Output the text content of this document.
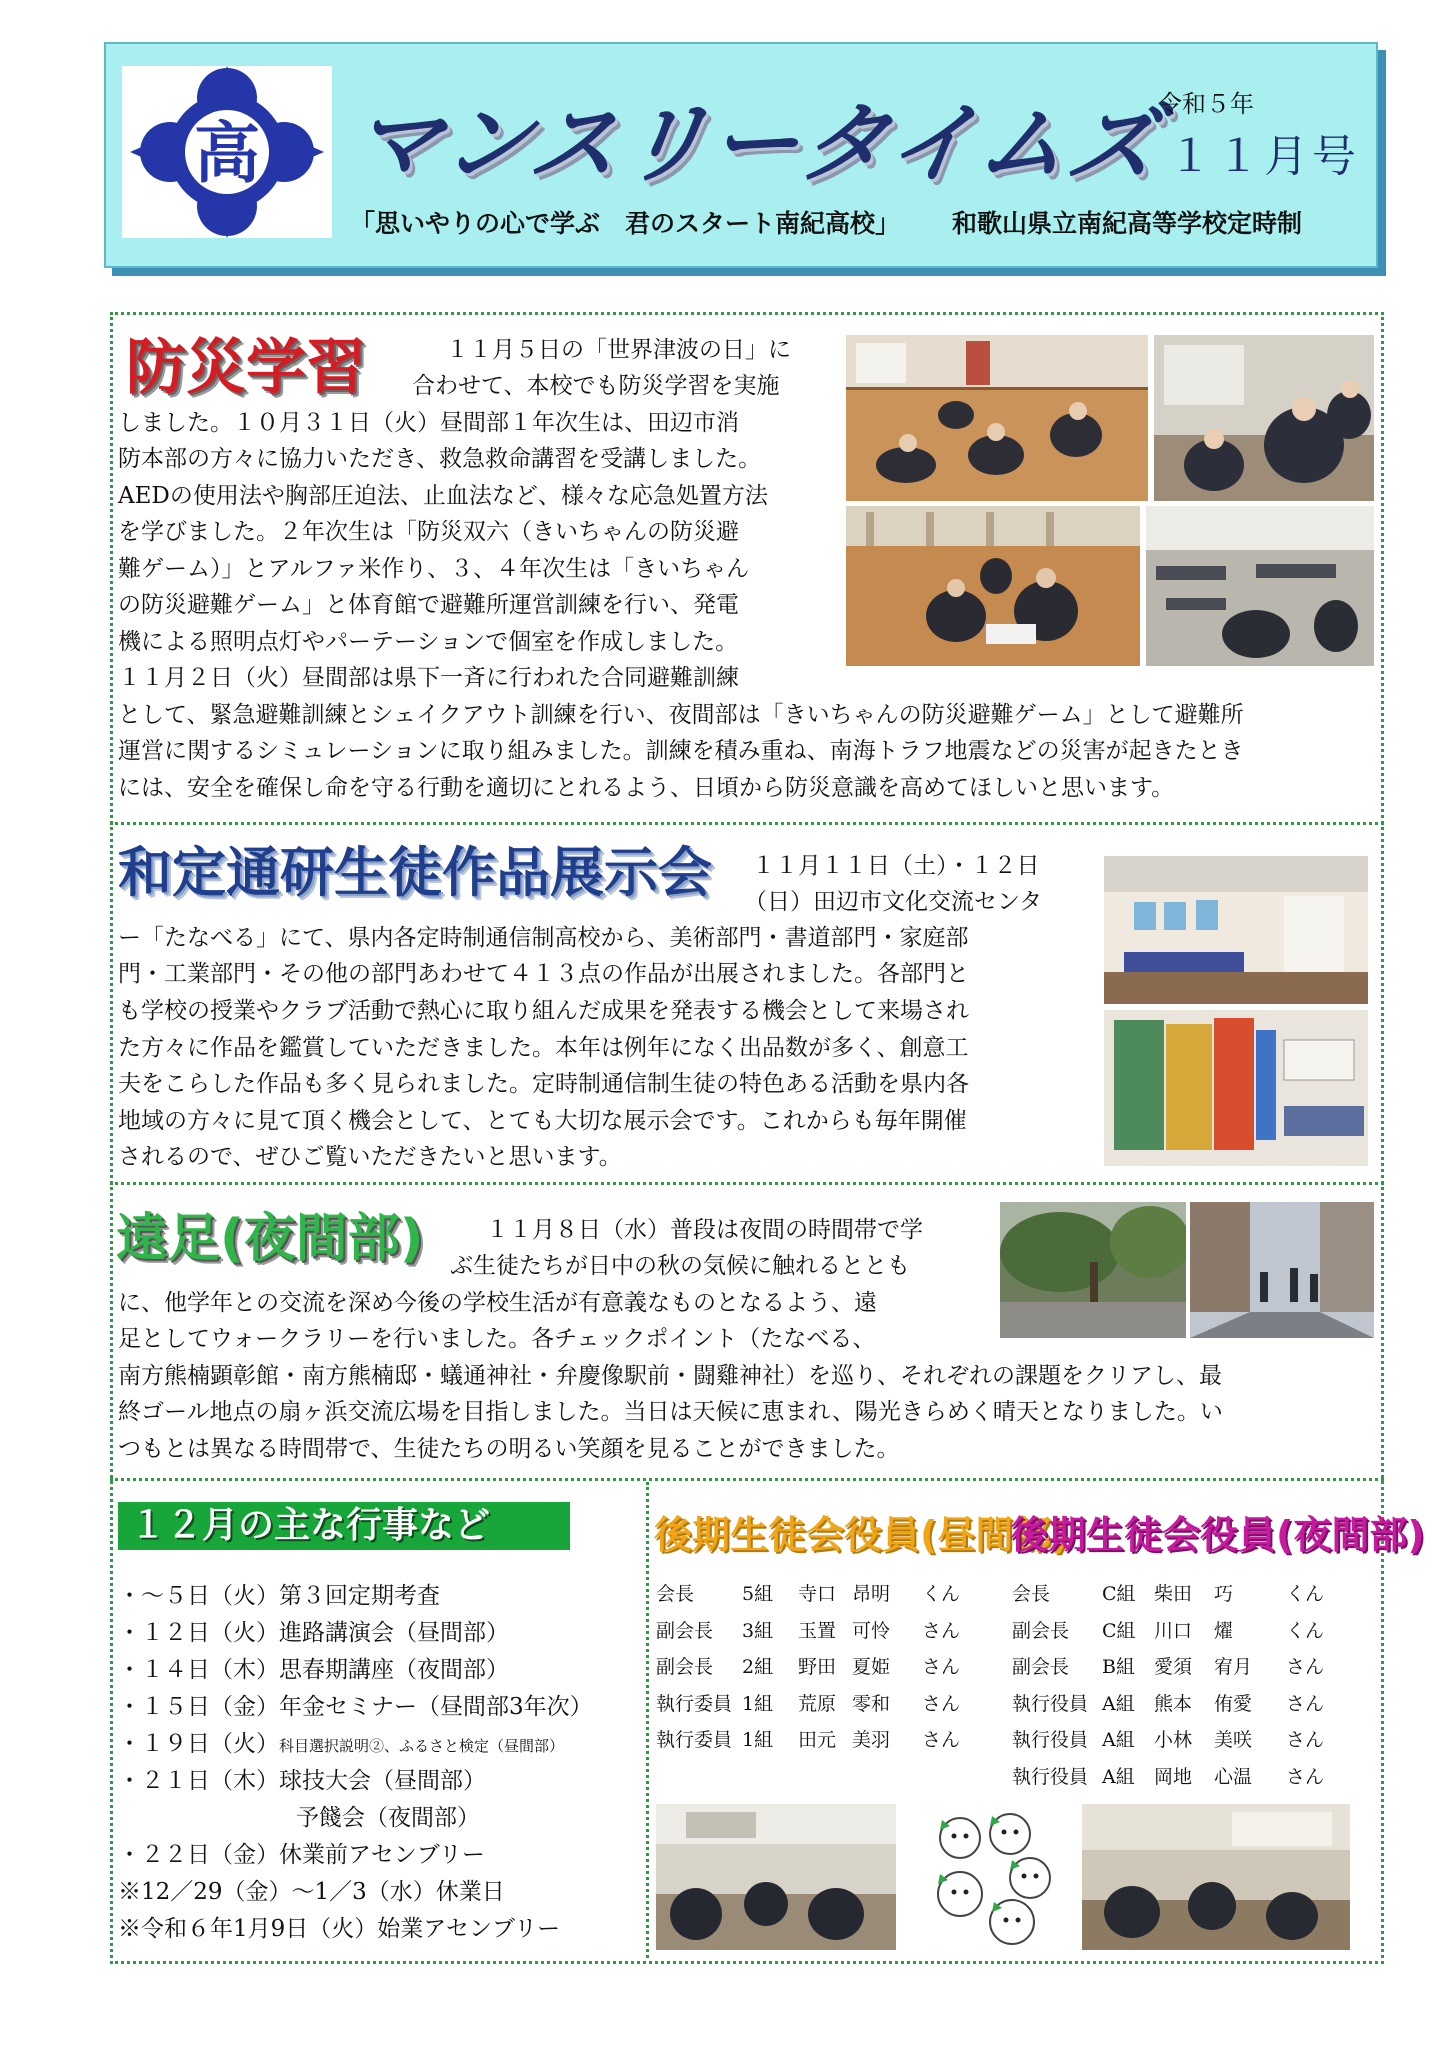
高 マンスリータイムズ
令和５年
１１月号
「思いやりの心で学ぶ　君のスタート南紀高校」 和歌山県立南紀高等学校定時制
防災学習	１１月５日の「世界津波の日」に
合わせて、本校でも防災学習を実施
しました。１０月３１日（火）昼間部１年次生は、田辺市消
防本部の方々に協力いただき、救急救命講習を受講しました。
AEDの使用法や胸部圧迫法、止血法など、様々な応急処置方法
を学びました。２年次生は「防災双六（きいちゃんの防災避
難ゲーム）」とアルファ米作り、３、４年次生は「きいちゃん
の防災避難ゲーム」と体育館で避難所運営訓練を行い、発電
機による照明点灯やパーテーションで個室を作成しました。
１１月２日（火）昼間部は県下一斉に行われた合同避難訓練
として、緊急避難訓練とシェイクアウト訓練を行い、夜間部は「きいちゃんの防災避難ゲーム」として避難所
運営に関するシミュレーションに取り組みました。訓練を積み重ね、南海トラフ地震などの災害が起きたとき
には、安全を確保し命を守る行動を適切にとれるよう、日頃から防災意識を高めてほしいと思います。
和定通研生徒作品展示会 １１月１１日（土）・１２日
（日）田辺市文化交流センタ
ー「たなべる」にて、県内各定時制通信制高校から、美術部門・書道部門・家庭部
門・工業部門・その他の部門あわせて４１３点の作品が出展されました。各部門と
も学校の授業やクラブ活動で熱心に取り組んだ成果を発表する機会として来場され
た方々に作品を鑑賞していただきました。本年は例年になく出品数が多く、創意工
夫をこらした作品も多く見られました。定時制通信制生徒の特色ある活動を県内各
地域の方々に見て頂く機会として、とても大切な展示会です。これからも毎年開催
されるので、ぜひご覧いただきたいと思います。
遠足(夜間部)	１１月８日（水）普段は夜間の時間帯で学
ぶ生徒たちが日中の秋の気候に触れるととも
に、他学年との交流を深め今後の学校生活が有意義なものとなるよう、遠
足としてウォークラリーを行いました。各チェックポイント（たなべる、
南方熊楠顕彰館・南方熊楠邸・蟻通神社・弁慶像駅前・闘雞神社）を巡り、それぞれの課題をクリアし、最
終ゴール地点の扇ヶ浜交流広場を目指しました。当日は天候に恵まれ、陽光きらめく晴天となりました。い
つもとは異なる時間帯で、生徒たちの明るい笑顔を見ることができました。
１２月の主な行事など
・～５日（火）第３回定期考査
・１２日（火）進路講演会（昼間部）
・１４日（木）思春期講座（夜間部）
・１５日（金）年金セミナー（昼間部3年次）
・１９日（火）科目選択説明②、ふるさと検定（昼間部）
・２１日（木）球技大会（昼間部）
予餞会（夜間部）
・２２日（金）休業前アセンブリー
※12／29（金）～1／3（水）休業日
※令和６年1月9日（火）始業アセンブリー
後期生徒会役員(昼間部)
後期生徒会役員(夜間部)
会長	5組	寺口 昂明	くん
副会長	3組	玉置 可怜	さん
副会長	2組	野田 夏姫	さん
執行委員 1組	荒原 零和	さん
執行委員 1組	田元 美羽	さん
会長	C組 柴田	巧	くん
副会長	C組 川口	燿	くん
副会長	B組	愛須	宥月	さん
執行役員 A組	熊本	侑愛	さん
執行役員 A組	小林	美咲	さん
執行役員 A組	岡地	心温	さん
